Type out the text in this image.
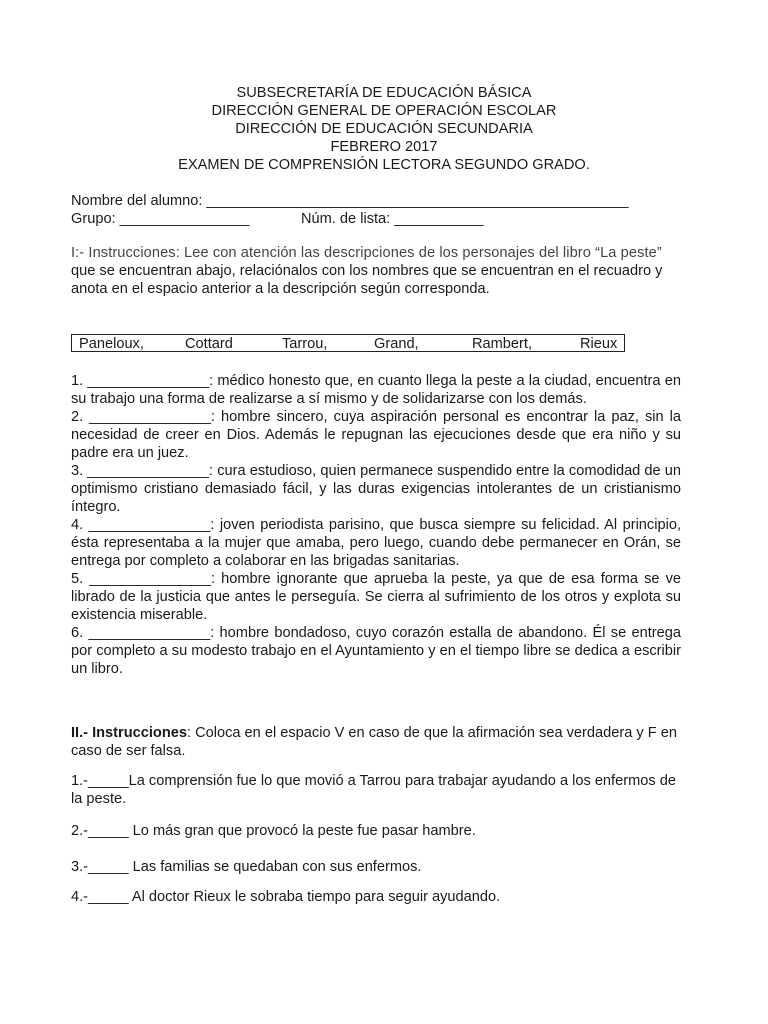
SUBSECRETARÍA DE EDUCACIÓN BÁSICA
DIRECCIÓN GENERAL DE OPERACIÓN ESCOLAR
DIRECCIÓN DE EDUCACIÓN SECUNDARIA
FEBRERO 2017
EXAMEN DE COMPRENSIÓN LECTORA SEGUNDO GRADO.
Nombre del alumno: ____________________________________________________
Grupo: ________________	Núm. de lista: ___________
I:- Instrucciones: Lee con atención las descripciones de los personajes del libro “La peste”
que se encuentran abajo, relaciónalos con los nombres que se encuentran en el recuadro y anota en el espacio anterior a la descripción según corresponda.
Paneloux,	Cottard	Tarrou,	Grand,	Rambert,	Rieux
1. _______________: médico honesto que, en cuanto llega la peste a la ciudad, encuentra en su trabajo una forma de realizarse a sí mismo y de solidarizarse con los demás.
2. _______________: hombre sincero, cuya aspiración personal es encontrar la paz, sin la necesidad de creer en Dios. Además le repugnan las ejecuciones desde que era niño y su padre era un juez.
3. _______________: cura estudioso, quien permanece suspendido entre la comodidad de un optimismo cristiano demasiado fácil, y las duras exigencias intolerantes de un cristianismo íntegro.
4. _______________: joven periodista parisino, que busca siempre su felicidad. Al principio, ésta representaba a la mujer que amaba, pero luego, cuando debe permanecer en Orán, se entrega por completo a colaborar en las brigadas sanitarias.
5. _______________: hombre ignorante que aprueba la peste, ya que de esa forma se ve librado de la justicia que antes le perseguía. Se cierra al sufrimiento de los otros y explota su existencia miserable.
6. _______________: hombre bondadoso, cuyo corazón estalla de abandono. Él se entrega por completo a su modesto trabajo en el Ayuntamiento y en el tiempo libre se dedica a escribir un libro.
II.- Instrucciones: Coloca en el espacio V en caso de que la afirmación sea verdadera y F en caso de ser falsa.
1.-_____La comprensión fue lo que movió a Tarrou para trabajar ayudando a los enfermos de la peste.
2.-_____ Lo más gran que provocó la peste fue pasar hambre.
3.-_____ Las familias se quedaban con sus enfermos.
4.-_____ Al doctor Rieux le sobraba tiempo para seguir ayudando.
